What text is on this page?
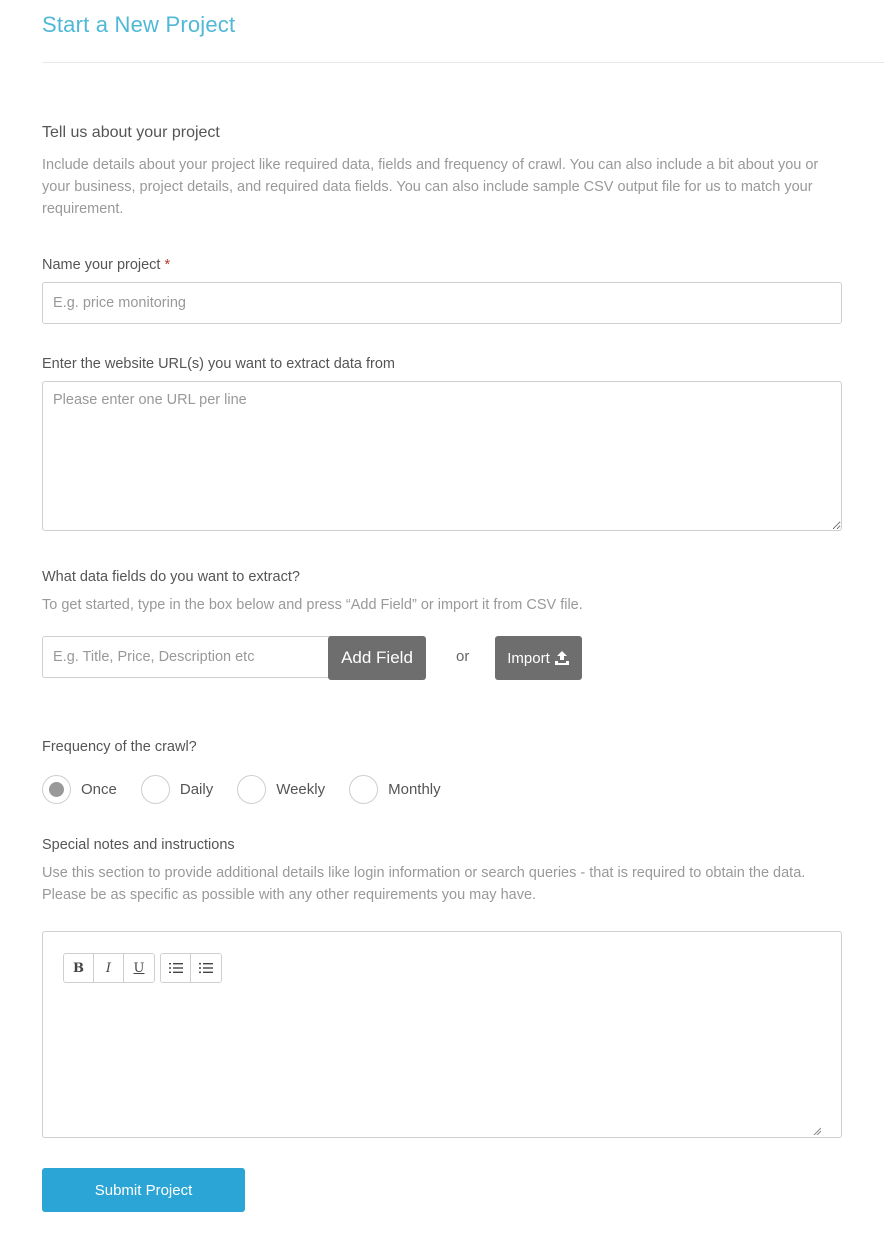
Start a New Project
Tell us about your project
Include details about your project like required data, fields and frequency of crawl. You can also include a bit about you or your business, project details, and required data fields. You can also include sample CSV output file for us to match your requirement.
Name your project *
E.g. price monitoring
Enter the website URL(s) you want to extract data from
Please enter one URL per line
What data fields do you want to extract?
To get started, type in the box below and press “Add Field” or import it from CSV file.
E.g. Title, Price, Description etc
Add Field	or	Import
Frequency of the crawl?
Once	Daily	Weekly	Monthly
Special notes and instructions
Use this section to provide additional details like login information or search queries - that is required to obtain the data. Please be as specific as possible with any other requirements you may have.
B	I	U
Submit Project
